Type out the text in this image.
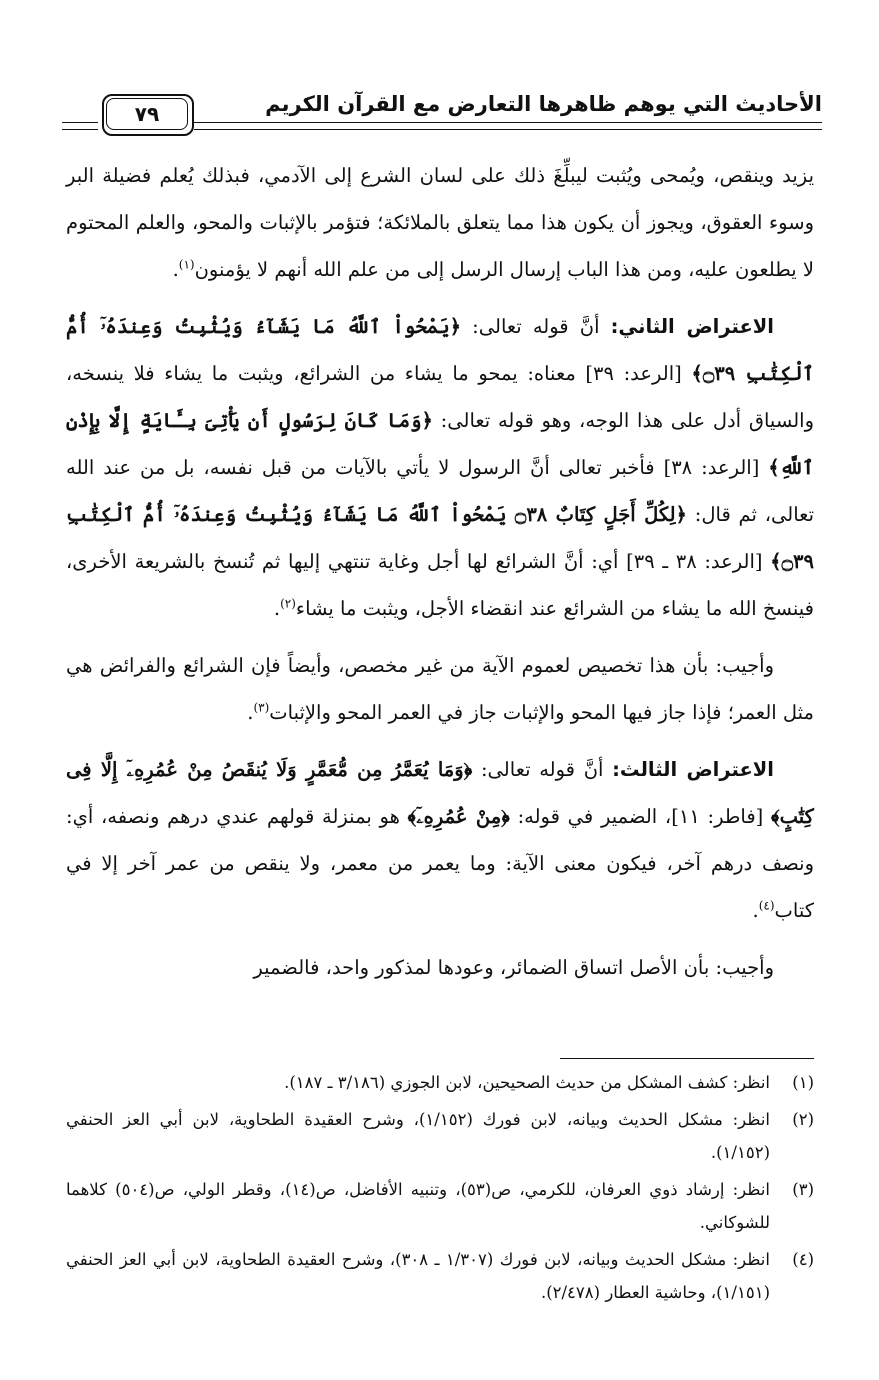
٧٩	الأحاديث التي يوهم ظاهرها التعارض مع القرآن الكريم

يزيد وينقص، ويُمحى ويُثبت ليبلِّغَ ذلك على لسان الشرع إلى الآدمي، فبذلك يُعلم فضيلة البر وسوء العقوق، ويجوز أن يكون هذا مما يتعلق بالملائكة؛ فتؤمر بالإثبات والمحو، والعلم المحتوم لا يطلعون عليه، ومن هذا الباب إرسال الرسل إلى من علم الله أنهم لا يؤمنون$^{(١)}$.

الاعتراض الثاني: أنَّ قوله تعالى: ﴿يَمْحُواْ ٱللَّهُ مَا يَشَآءُ وَيُثْبِتُ وَعِندَهُۥٓ أُمُّ ٱلْكِتَٰبِ ۝٣٩﴾ [الرعد: ٣٩] معناه: يمحو ما يشاء من الشرائع، ويثبت ما يشاء فلا ينسخه، والسياق أدل على هذا الوجه، وهو قوله تعالى: ﴿وَمَا كَانَ لِرَسُولٍ أَن يَأْتِىَ بِـَٔايَةٍ إِلَّا بِإِذْنِ ٱللَّهِ﴾ [الرعد: ٣٨] فأخبر تعالى أنَّ الرسول لا يأتي بالآيات من قبل نفسه، بل من عند الله تعالى، ثم قال: ﴿لِكُلِّ أَجَلٍ كِتَابٌ ۝٣٨ يَمْحُواْ ٱللَّهُ مَا يَشَآءُ وَيُثْبِتُ وَعِندَهُۥٓ أُمُّ ٱلْكِتَٰبِ ۝٣٩﴾ [الرعد: ٣٨ ـ ٣٩] أي: أنَّ الشرائع لها أجل وغاية تنتهي إليها ثم تُنسخ بالشريعة الأخرى، فينسخ الله ما يشاء من الشرائع عند انقضاء الأجل، ويثبت ما يشاء$^{(٢)}$.

وأجيب: بأن هذا تخصيص لعموم الآية من غير مخصص، وأيضاً فإن الشرائع والفرائض هي مثل العمر؛ فإذا جاز فيها المحو والإثبات جاز في العمر المحو والإثبات$^{(٣)}$.

الاعتراض الثالث: أنَّ قوله تعالى: ﴿وَمَا يُعَمَّرُ مِن مُّعَمَّرٍ وَلَا يُنقَصُ مِنْ عُمُرِهِۦٓ إِلَّا فِى كِتَٰبٍ﴾ [فاطر: ١١]، الضمير في قوله: ﴿مِنْ عُمُرِهِۦٓ﴾ هو بمنزلة قولهم عندي درهم ونصفه، أي: ونصف درهم آخر، فيكون معنى الآية: وما يعمر من معمر، ولا ينقص من عمر آخر إلا في كتاب$^{(٤)}$.

وأجيب: بأن الأصل اتساق الضمائر، وعودها لمذكور واحد، فالضمير

(١)
انظر: كشف المشكل من حديث الصحيحين، لابن الجوزي (٣/١٨٦ ـ ١٨٧).
(٢)
انظر: مشكل الحديث وبيانه، لابن فورك (١/١٥٢)، وشرح العقيدة الطحاوية، لابن أبي العز الحنفي (١/١٥٢).
(٣)
انظر: إرشاد ذوي العرفان، للكرمي، ص(٥٣)، وتنبيه الأفاضل، ص(١٤)، وقطر الولي، ص(٥٠٤) كلاهما للشوكاني.
(٤)
انظر: مشكل الحديث وبيانه، لابن فورك (١/٣٠٧ ـ ٣٠٨)، وشرح العقيدة الطحاوية، لابن أبي العز الحنفي (١/١٥١)، وحاشية العطار (٢/٤٧٨).
